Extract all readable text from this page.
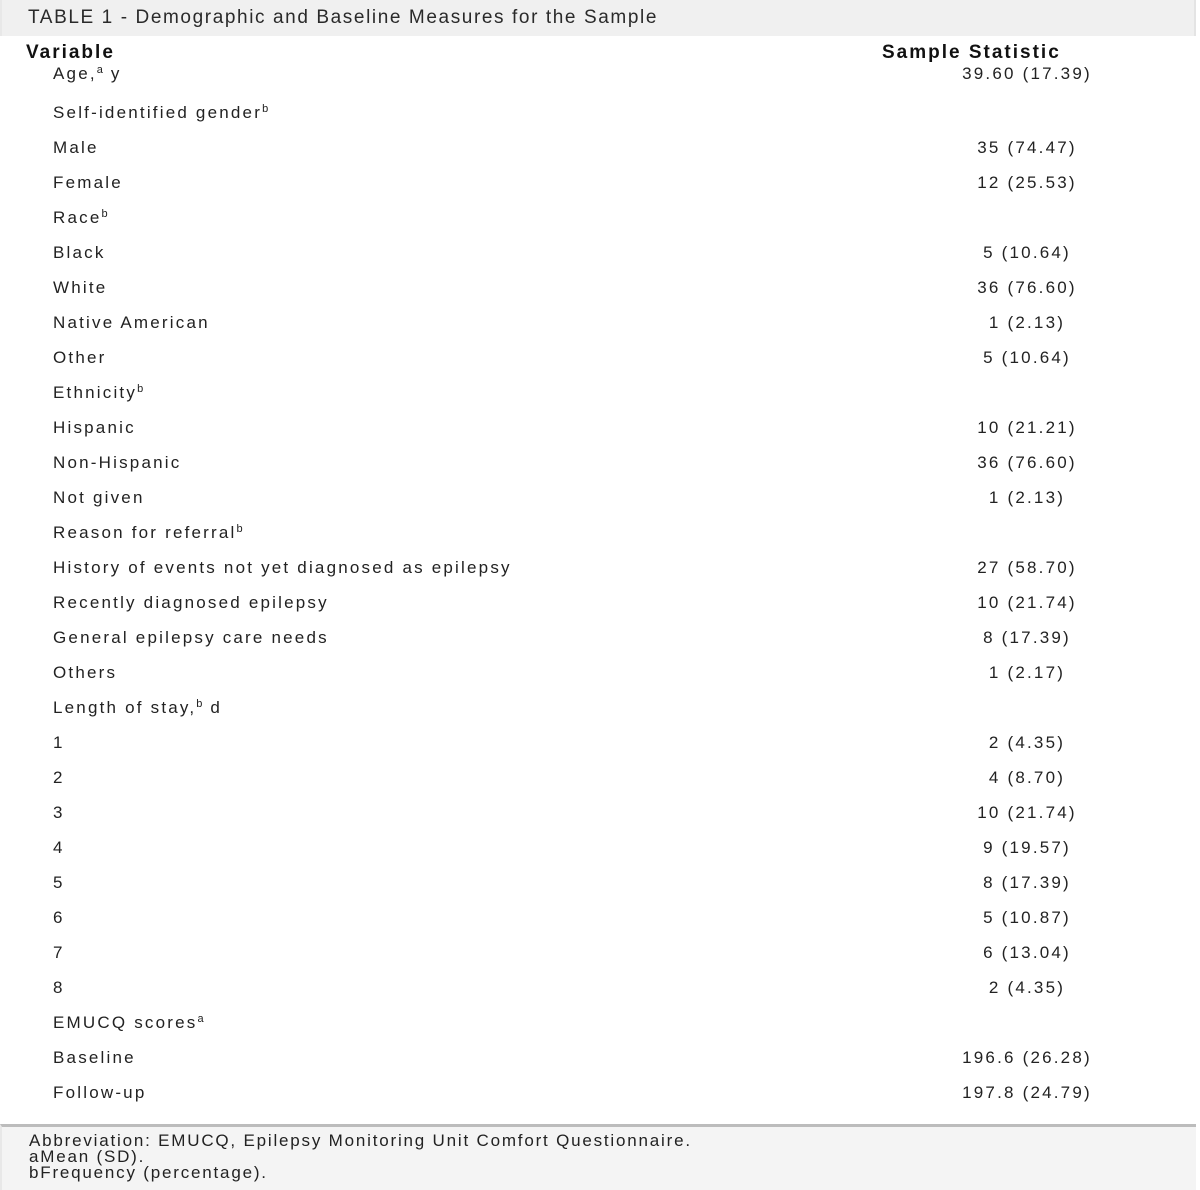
TABLE 1 - Demographic and Baseline Measures for the Sample
Variable	Sample Statistic
Age,$^a$ y	39.60 (17.39)
Self-identified gender$^b$
Male	35 (74.47)
Female	12 (25.53)
Race$^b$
Black	5 (10.64)
White	36 (76.60)
Native American	1 (2.13)
Other	5 (10.64)
Ethnicity$^b$
Hispanic	10 (21.21)
Non-Hispanic	36 (76.60)
Not given	1 (2.13)
Reason for referral$^b$
History of events not yet diagnosed as epilepsy	27 (58.70)
Recently diagnosed epilepsy	10 (21.74)
General epilepsy care needs	8 (17.39)
Others	1 (2.17)
Length of stay,$^b$ d
1	2 (4.35)
2	4 (8.70)
3	10 (21.74)
4	9 (19.57)
5	8 (17.39)
6	5 (10.87)
7	6 (13.04)
8	2 (4.35)
EMUCQ scores$^a$
Baseline	196.6 (26.28)
Follow-up	197.8 (24.79)
Abbreviation: EMUCQ, Epilepsy Monitoring Unit Comfort Questionnaire.
aMean (SD).
bFrequency (percentage).
